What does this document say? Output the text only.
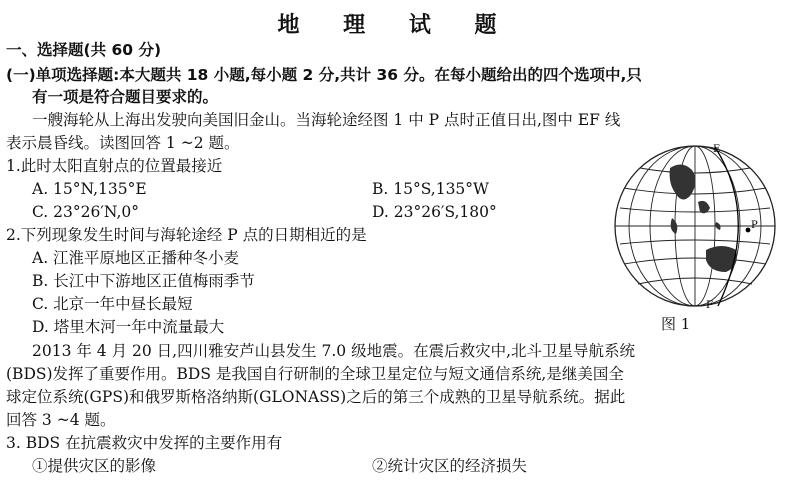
地 理 试 题
一、选择题(共 60 分)
(一)单项选择题:本大题共 18 小题,每小题 2 分,共计 36 分。在每小题给出的四个选项中,只
有一项是符合题目要求的。
一艘海轮从上海出发驶向美国旧金山。当海轮途经图 1 中 P 点时正值日出,图中 EF 线
表示晨昏线。读图回答 1 ~2 题。
1.此时太阳直射点的位置最接近
A. 15°N,135°E	B. 15°S,135°W
C. 23°26′N,0°	D. 23°26′S,180°
2.下列现象发生时间与海轮途经 P 点的日期相近的是
A. 江淮平原地区正播种冬小麦
B. 长江中下游地区正值梅雨季节
C. 北京一年中昼长最短
D. 塔里木河一年中流量最大
E
F
P
图 1
2013 年 4 月 20 日,四川雅安芦山县发生 7.0 级地震。在震后救灾中,北斗卫星导航系统
(BDS)发挥了重要作用。BDS 是我国自行研制的全球卫星定位与短文通信系统,是继美国全
球定位系统(GPS)和俄罗斯格洛纳斯(GLONASS)之后的第三个成熟的卫星导航系统。据此
回答 3 ~4 题。
3. BDS 在抗震救灾中发挥的主要作用有
①提供灾区的影像	②统计灾区的经济损失
